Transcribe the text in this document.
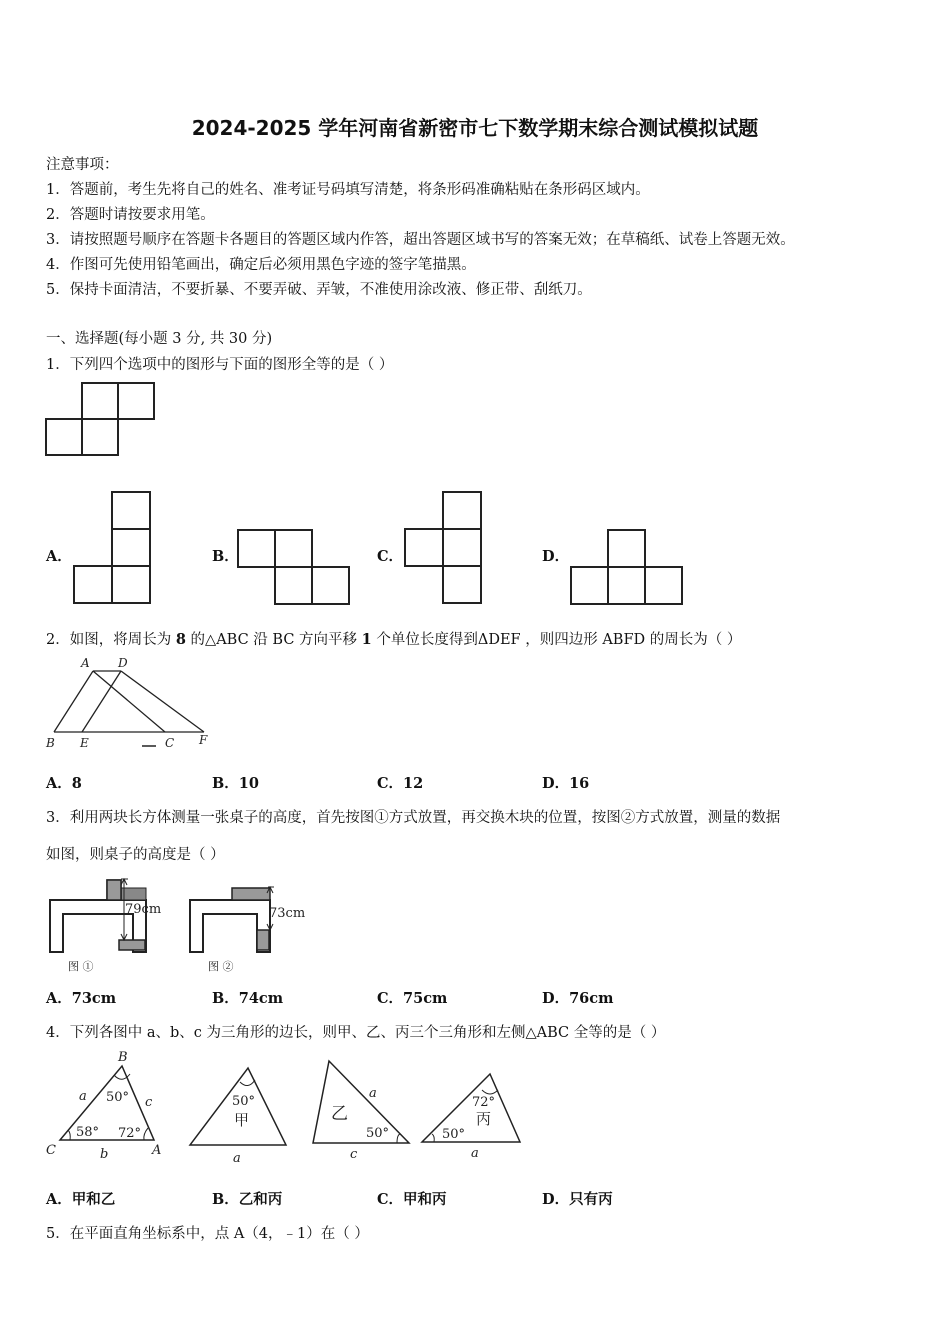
2024-2025 学年河南省新密市七下数学期末综合测试模拟试题
注意事项：
1．答题前，考生先将自己的姓名、准考证号码填写清楚，将条形码准确粘贴在条形码区域内。
2．答题时请按要求用笔。
3．请按照题号顺序在答题卡各题目的答题区域内作答，超出答题区域书写的答案无效；在草稿纸、试卷上答题无效。
4．作图可先使用铅笔画出，确定后必须用黑色字迹的签字笔描黑。
5．保持卡面清洁，不要折暴、不要弄破、弄皱，不准使用涂改液、修正带、刮纸刀。
一、选择题(每小题 3 分, 共 30 分)
1．下列四个选项中的图形与下面的图形全等的是（ ）
A．	B．	C．	D．
2．如图，将周长为 8 的△ABC 沿 BC 方向平移 1 个单位长度得到ΔDEF ，则四边形 ABFD 的周长为（ ）
A D
B E	C F
A．8	B．10	C．12	D．16
3．利用两块长方体测量一张桌子的高度，首先按图①方式放置，再交换木块的位置，按图②方式放置，测量的数据
如图，则桌子的高度是（ ）
79cm
图 ①
73cm
图 ②
A．73cm	B．74cm	C．75cm	D．76cm
4．下列各图中 a、b、c 为三角形的边长，则甲、乙、丙三个三角形和左侧△ABC 全等的是（ ）
B
C	A
a
b
c
50°
58° 72°
50°
甲
a
乙
a
50°
c
72°
丙
50°
a
A．甲和乙	B．乙和丙	C．甲和丙	D．只有丙
5．在平面直角坐标系中，点 A（4，﹣1）在（ ）
